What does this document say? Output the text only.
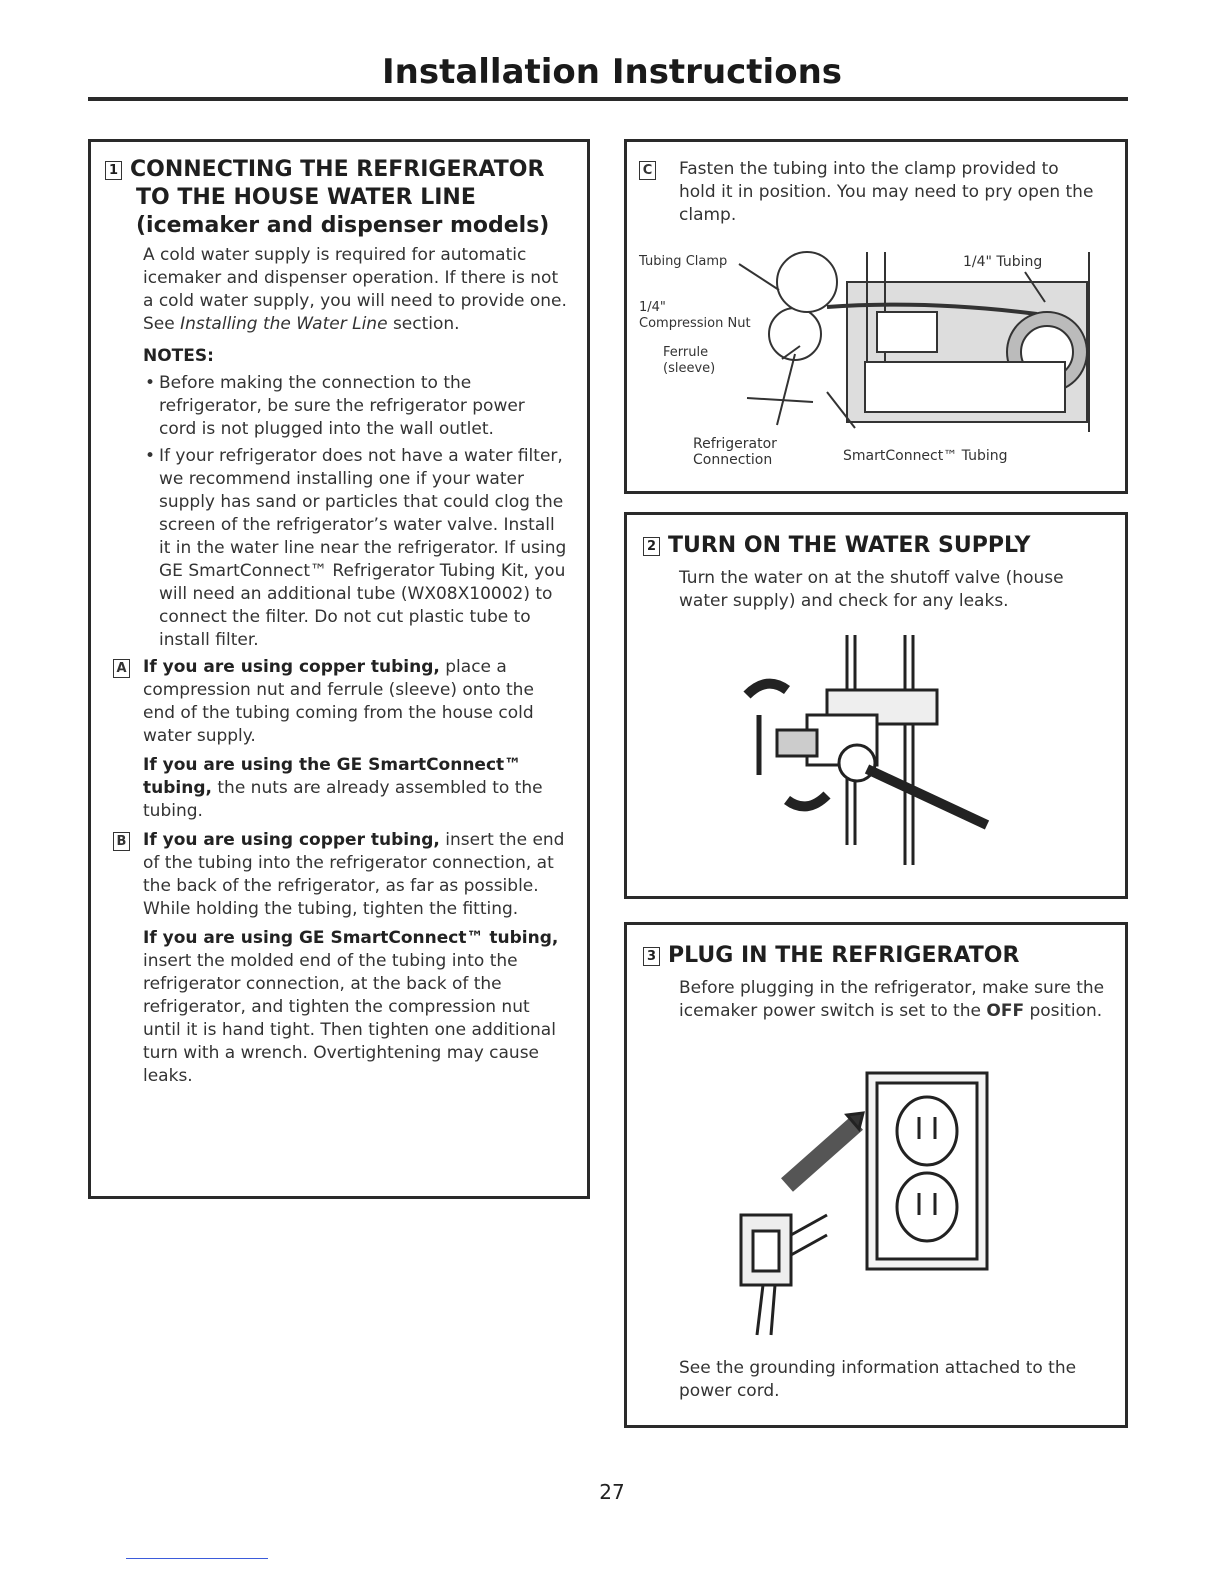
Installation Instructions
1 CONNECTING THE REFRIGERATOR
TO THE HOUSE WATER LINE
(icemaker and dispenser models)
A cold water supply is required for automatic icemaker and dispenser operation. If there is not a cold water supply, you will need to provide one. See Installing the Water Line section.
NOTES:
• Before making the connection to the refrigerator, be sure the refrigerator power cord is not plugged into the wall outlet.
• If your refrigerator does not have a water filter, we recommend installing one if your water supply has sand or particles that could clog the screen of the refrigerator’s water valve. Install it in the water line near the refrigerator. If using GE SmartConnect™ Refrigerator Tubing Kit, you will need an additional tube (WX08X10002) to connect the filter. Do not cut plastic tube to install filter.
A If you are using copper tubing, place a compression nut and ferrule (sleeve) onto the end of the tubing coming from the house cold water supply.
If you are using the GE SmartConnect™ tubing, the nuts are already assembled to the tubing.
B If you are using copper tubing, insert the end of the tubing into the refrigerator connection, at the back of the refrigerator, as far as possible. While holding the tubing, tighten the fitting.
If you are using GE SmartConnect™ tubing, insert the molded end of the tubing into the refrigerator connection, at the back of the refrigerator, and tighten the compression nut until it is hand tight. Then tighten one additional turn with a wrench. Overtightening may cause leaks.
C	Fasten the tubing into the clamp provided to hold it in position. You may need to pry open the clamp.
Tubing Clamp	1/4" Tubing
1/4"
Compression Nut
Ferrule
(sleeve)
Refrigerator
Connection	SmartConnect™ Tubing
2 TURN ON THE WATER SUPPLY
Turn the water on at the shutoff valve (house water supply) and check for any leaks.
3 PLUG IN THE REFRIGERATOR
Before plugging in the refrigerator, make sure the icemaker power switch is set to the OFF position.
See the grounding information attached to the power cord.
27
